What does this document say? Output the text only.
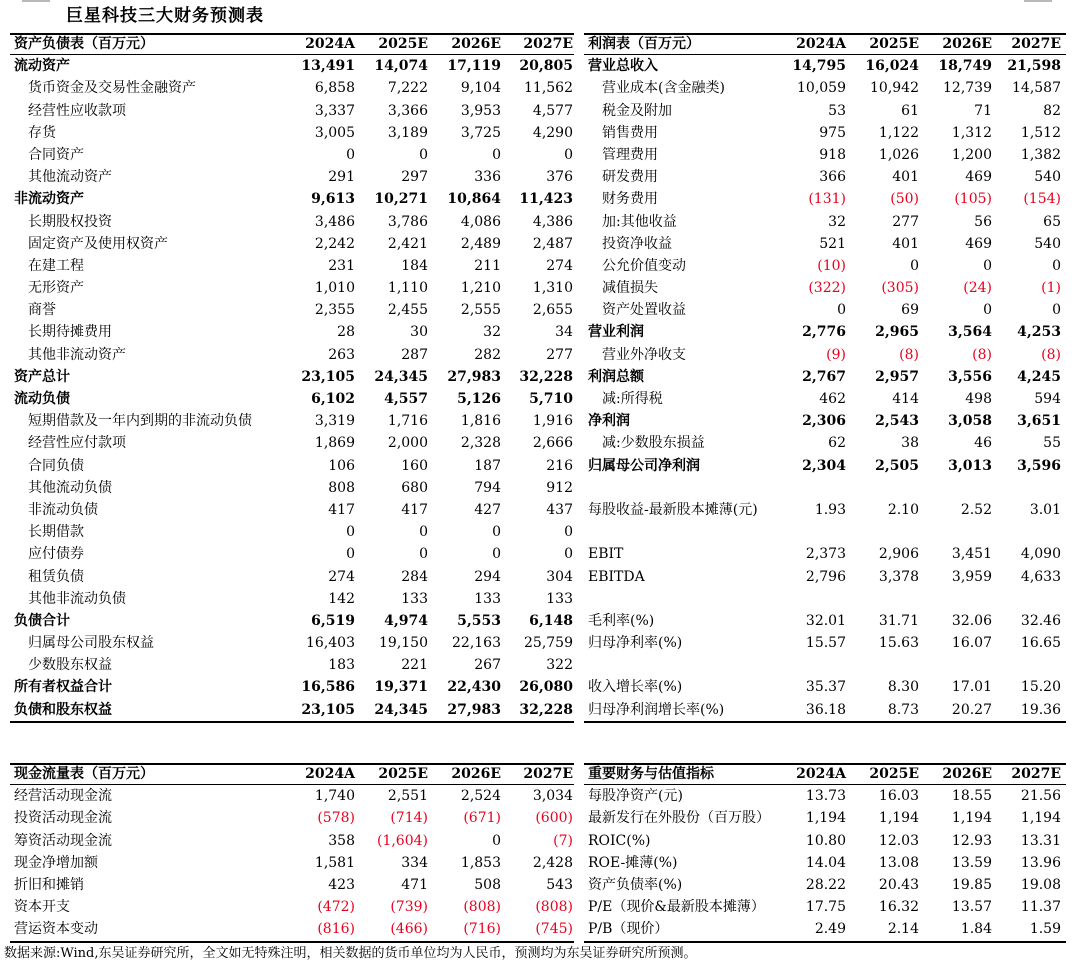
巨星科技三大财务预测表
资产负债表（百万元）	2024A	2025E	2026E	2027E
流动资产	13,491	14,074	17,119	20,805
货币资金及交易性金融资产	6,858	7,222	9,104	11,562
经营性应收款项	3,337	3,366	3,953	4,577
存货	3,005	3,189	3,725	4,290
合同资产	0	0	0	0
其他流动资产	291	297	336	376
非流动资产	9,613	10,271	10,864	11,423
长期股权投资	3,486	3,786	4,086	4,386
固定资产及使用权资产	2,242	2,421	2,489	2,487
在建工程	231	184	211	274
无形资产	1,010	1,110	1,210	1,310
商誉	2,355	2,455	2,555	2,655
长期待摊费用	28	30	32	34
其他非流动资产	263	287	282	277
资产总计	23,105	24,345	27,983	32,228
流动负债	6,102	4,557	5,126	5,710
短期借款及一年内到期的非流动负债	3,319	1,716	1,816	1,916
经营性应付款项	1,869	2,000	2,328	2,666
合同负债	106	160	187	216
其他流动负债	808	680	794	912
非流动负债	417	417	427	437
长期借款	0	0	0	0
应付债券	0	0	0	0
租赁负债	274	284	294	304
其他非流动负债	142	133	133	133
负债合计	6,519	4,974	5,553	6,148
归属母公司股东权益	16,403	19,150	22,163	25,759
少数股东权益	183	221	267	322
所有者权益合计	16,586	19,371	22,430	26,080
负债和股东权益	23,105	24,345	27,983	32,228
利润表（百万元）	2024A	2025E	2026E	2027E
营业总收入	14,795	16,024	18,749	21,598
营业成本(含金融类)	10,059	10,942	12,739	14,587
税金及附加	53	61	71	82
销售费用	975	1,122	1,312	1,512
管理费用	918	1,026	1,200	1,382
研发费用	366	401	469	540
财务费用	(131)	(50)	(105)	(154)
加:其他收益	32	277	56	65
投资净收益	521	401	469	540
公允价值变动	(10)	0	0	0
减值损失	(322)	(305)	(24)	(1)
资产处置收益	0	69	0	0
营业利润	2,776	2,965	3,564	4,253
营业外净收支	(9)	(8)	(8)	(8)
利润总额	2,767	2,957	3,556	4,245
减:所得税	462	414	498	594
净利润	2,306	2,543	3,058	3,651
减:少数股东损益	62	38	46	55
归属母公司净利润	2,304	2,505	3,013	3,596
每股收益-最新股本摊薄(元)	1.93	2.10	2.52	3.01
EBIT	2,373	2,906	3,451	4,090
EBITDA	2,796	3,378	3,959	4,633
毛利率(%)	32.01	31.71	32.06	32.46
归母净利率(%)	15.57	15.63	16.07	16.65
收入增长率(%)	35.37	8.30	17.01	15.20
归母净利润增长率(%)	36.18	8.73	20.27	19.36
现金流量表（百万元）	2024A	2025E	2026E	2027E
经营活动现金流	1,740	2,551	2,524	3,034
投资活动现金流	(578)	(714)	(671)	(600)
筹资活动现金流	358	(1,604)	0	(7)
现金净增加额	1,581	334	1,853	2,428
折旧和摊销	423	471	508	543
资本开支	(472)	(739)	(808)	(808)
营运资本变动	(816)	(466)	(716)	(745)
重要财务与估值指标	2024A	2025E	2026E	2027E
每股净资产(元)	13.73	16.03	18.55	21.56
最新发行在外股份（百万股）	1,194	1,194	1,194	1,194
ROIC(%)	10.80	12.03	12.93	13.31
ROE-摊薄(%)	14.04	13.08	13.59	13.96
资产负债率(%)	28.22	20.43	19.85	19.08
P/E（现价&最新股本摊薄）	17.75	16.32	13.57	11.37
P/B（现价）	2.49	2.14	1.84	1.59
数据来源:Wind,东吴证券研究所，全文如无特殊注明，相关数据的货币单位均为人民币，预测均为东吴证券研究所预测。
